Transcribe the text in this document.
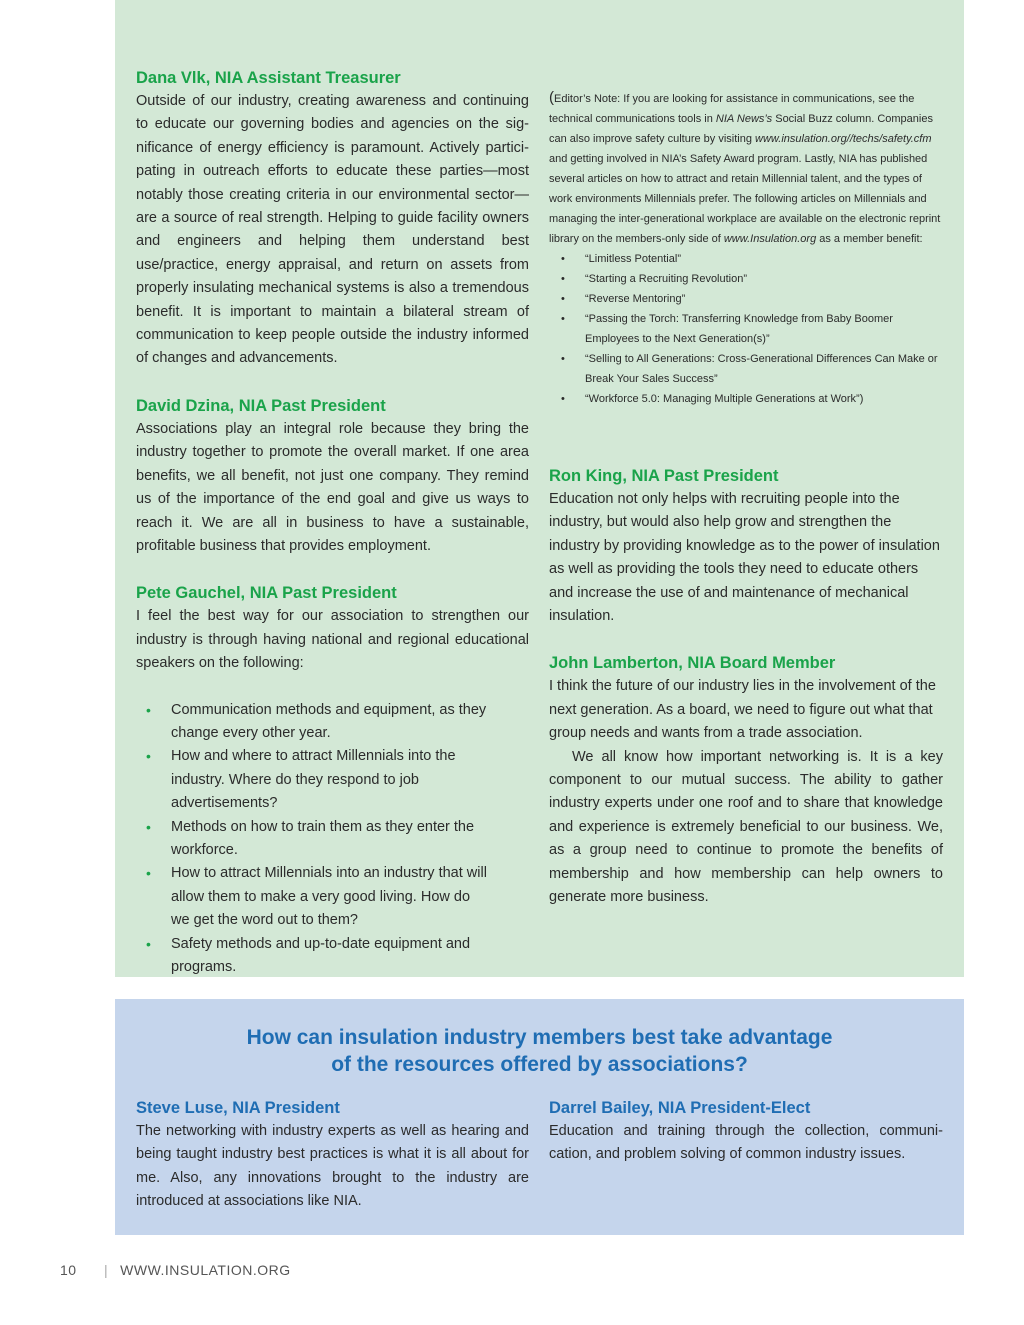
Dana Vlk, NIA Assistant Treasurer

Outside of our industry, creating awareness and continuing to educate our governing bodies and agencies on the significance of energy efficiency is paramount. Actively participating in outreach efforts to educate these parties—most notably those creating criteria in our environmental sector—are a source of real strength. Helping to guide facility owners and engineers and helping them understand best use/practice, energy appraisal, and return on assets from properly insulating mechanical systems is also a tremendous benefit. It is important to maintain a bilateral stream of communication to keep people outside the industry informed of changes and advancements.

David Dzina, NIA Past President

Associations play an integral role because they bring the industry together to promote the overall market. If one area benefits, we all benefit, not just one company. They remind us of the importance of the end goal and give us ways to reach it. We are all in business to have a sustainable, profitable business that provides employment.

Pete Gauchel, NIA Past President

I feel the best way for our association to strengthen our industry is through having national and regional educational speakers on the following:

• Communication methods and equipment, as they change every other year.
• How and where to attract Millennials into the industry. Where do they respond to job advertisements?
• Methods on how to train them as they enter the workforce.
• How to attract Millennials into an industry that will allow them to make a very good living. How do we get the word out to them?
• Safety methods and up-to-date equipment and programs.
(Editor’s Note: If you are looking for assistance in communications, see the technical communications tools in NIA News’s Social Buzz column. Companies can also improve safety culture by visiting www.insulation.org//techs/safety.cfm and getting involved in NIA’s Safety Award program. Lastly, NIA has published several articles on how to attract and retain Millennial talent, and the types of work environments Millennials prefer. The following articles on Millennials and managing the inter-generational workplace are available on the electronic reprint library on the members-only side of www.Insulation.org as a member benefit:
• “Limitless Potential”
• “Starting a Recruiting Revolution”
• “Reverse Mentoring”
• “Passing the Torch: Transferring Knowledge from Baby Boomer Employees to the Next Generation(s)”
• “Selling to All Generations: Cross-Generational Differences Can Make or Break Your Sales Success”
• “Workforce 5.0: Managing Multiple Generations at Work”)
Ron King, NIA Past President

Education not only helps with recruiting people into the industry, but would also help grow and strengthen the industry by providing knowledge as to the power of insulation as well as providing the tools they need to educate others and increase the use of and maintenance of mechanical insulation.

John Lamberton, NIA Board Member

I think the future of our industry lies in the involvement of the next generation. As a board, we need to figure out what that group needs and wants from a trade association.

We all know how important networking is. It is a key component to our mutual success. The ability to gather industry experts under one roof and to share that knowledge and experience is extremely beneficial to our business. We, as a group need to continue to promote the benefits of membership and how membership can help owners to generate more business.

How can insulation industry members best take advantage
of the resources offered by associations?
Steve Luse, NIA President

The networking with industry experts as well as hearing and being taught industry best practices is what it is all about for me. Also, any innovations brought to the industry are introduced at associations like NIA.

Darrel Bailey, NIA President-Elect

Education and training through the collection, communication, and problem solving of common industry issues.

10 | WWW.INSULATION.ORG
